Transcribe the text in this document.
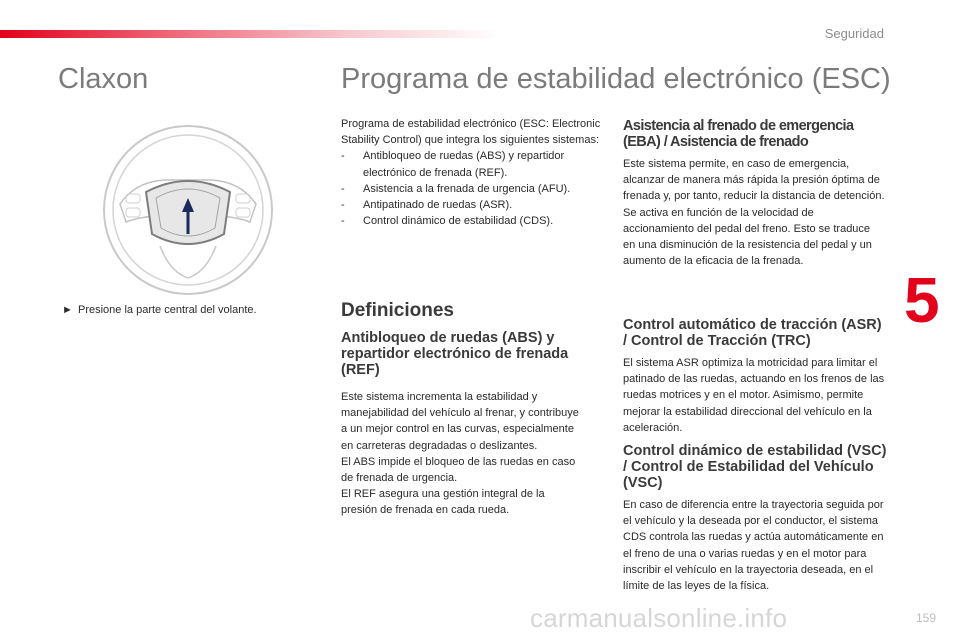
Seguridad
5
159
carmanualsonline.info
Claxon	Programa de estabilidad electrónico (ESC)
► Presione la parte central del volante.

Programa de estabilidad electrónico (ESC: Electronic Stability Control) que integra los siguientes sistemas:

- Antibloqueo de ruedas (ABS) y repartidor electrónico de frenada (REF).
- Asistencia a la frenada de urgencia (AFU).
- Antipatinado de ruedas (ASR).
- Control dinámico de estabilidad (CDS).
Definiciones
Antibloqueo de ruedas (ABS) y repartidor electrónico de frenada (REF)

Este sistema incrementa la estabilidad y manejabilidad del vehículo al frenar, y contribuye a un mejor control en las curvas, especialmente en carreteras degradadas o deslizantes.

El ABS impide el bloqueo de las ruedas en caso de frenada de urgencia.

El REF asegura una gestión integral de la presión de frenada en cada rueda.

Asistencia al frenado de emergencia (EBA) / Asistencia de frenado

Este sistema permite, en caso de emergencia, alcanzar de manera más rápida la presión óptima de frenada y, por tanto, reducir la distancia de detención.

Se activa en función de la velocidad de accionamiento del pedal del freno. Esto se traduce en una disminución de la resistencia del pedal y un aumento de la eficacia de la frenada.

Control automático de tracción (ASR) / Control de Tracción (TRC)

El sistema ASR optimiza la motricidad para limitar el patinado de las ruedas, actuando en los frenos de las ruedas motrices y en el motor. Asimismo, permite mejorar la estabilidad direccional del vehículo en la aceleración.

Control dinámico de estabilidad (VSC) / Control de Estabilidad del Vehículo (VSC)

En caso de diferencia entre la trayectoria seguida por el vehículo y la deseada por el conductor, el sistema CDS controla las ruedas y actúa automáticamente en el freno de una o varias ruedas y en el motor para inscribir el vehículo en la trayectoria deseada, en el límite de las leyes de la física.
